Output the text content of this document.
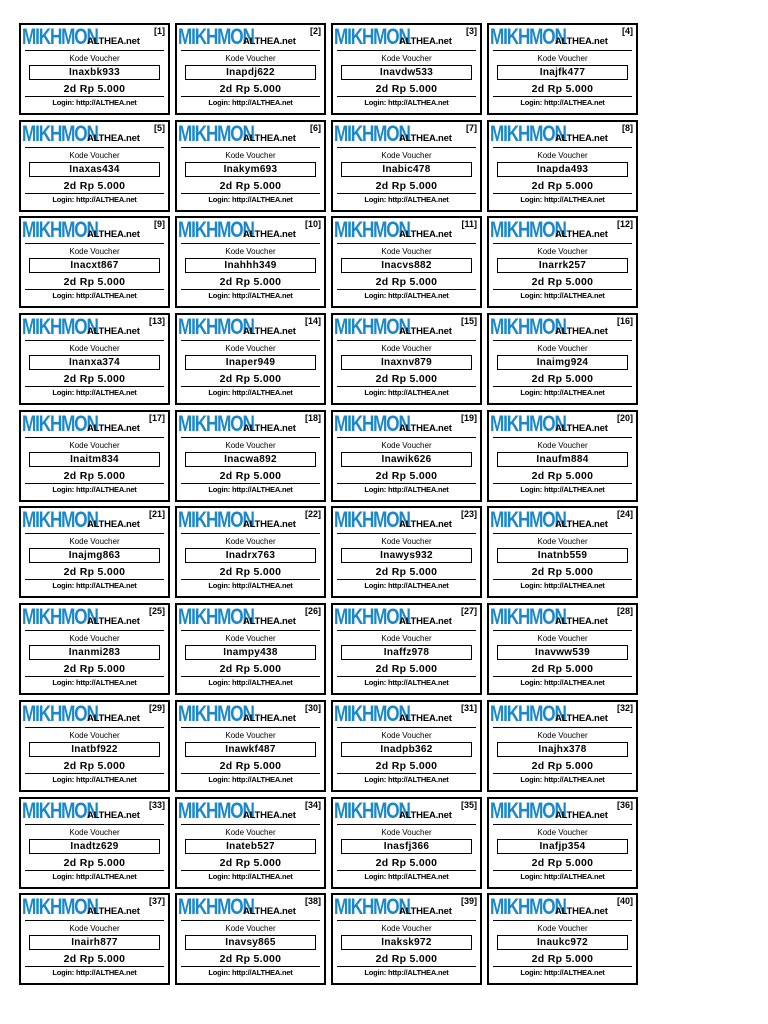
MIKHMON
ALTHEA.net
[1]
Kode Voucher
Inaxbk933
2d Rp 5.000
Login: http://ALTHEA.net
MIKHMON
ALTHEA.net
[2]
Kode Voucher
Inapdj622
2d Rp 5.000
Login: http://ALTHEA.net
MIKHMON
ALTHEA.net
[3]
Kode Voucher
Inavdw533
2d Rp 5.000
Login: http://ALTHEA.net
MIKHMON
ALTHEA.net
[4]
Kode Voucher
Inajfk477
2d Rp 5.000
Login: http://ALTHEA.net
MIKHMON
ALTHEA.net
[5]
Kode Voucher
Inaxas434
2d Rp 5.000
Login: http://ALTHEA.net
MIKHMON
ALTHEA.net
[6]
Kode Voucher
Inakym693
2d Rp 5.000
Login: http://ALTHEA.net
MIKHMON
ALTHEA.net
[7]
Kode Voucher
Inabic478
2d Rp 5.000
Login: http://ALTHEA.net
MIKHMON
ALTHEA.net
[8]
Kode Voucher
Inapda493
2d Rp 5.000
Login: http://ALTHEA.net
MIKHMON
ALTHEA.net
[9]
Kode Voucher
Inacxt867
2d Rp 5.000
Login: http://ALTHEA.net
MIKHMON
ALTHEA.net
[10]
Kode Voucher
Inahhh349
2d Rp 5.000
Login: http://ALTHEA.net
MIKHMON
ALTHEA.net
[11]
Kode Voucher
Inacvs882
2d Rp 5.000
Login: http://ALTHEA.net
MIKHMON
ALTHEA.net
[12]
Kode Voucher
Inarrk257
2d Rp 5.000
Login: http://ALTHEA.net
MIKHMON
ALTHEA.net
[13]
Kode Voucher
Inanxa374
2d Rp 5.000
Login: http://ALTHEA.net
MIKHMON
ALTHEA.net
[14]
Kode Voucher
Inaper949
2d Rp 5.000
Login: http://ALTHEA.net
MIKHMON
ALTHEA.net
[15]
Kode Voucher
Inaxnv879
2d Rp 5.000
Login: http://ALTHEA.net
MIKHMON
ALTHEA.net
[16]
Kode Voucher
Inaimg924
2d Rp 5.000
Login: http://ALTHEA.net
MIKHMON
ALTHEA.net
[17]
Kode Voucher
Inaitm834
2d Rp 5.000
Login: http://ALTHEA.net
MIKHMON
ALTHEA.net
[18]
Kode Voucher
Inacwa892
2d Rp 5.000
Login: http://ALTHEA.net
MIKHMON
ALTHEA.net
[19]
Kode Voucher
Inawik626
2d Rp 5.000
Login: http://ALTHEA.net
MIKHMON
ALTHEA.net
[20]
Kode Voucher
Inaufm884
2d Rp 5.000
Login: http://ALTHEA.net
MIKHMON
ALTHEA.net
[21]
Kode Voucher
Inajmg863
2d Rp 5.000
Login: http://ALTHEA.net
MIKHMON
ALTHEA.net
[22]
Kode Voucher
Inadrx763
2d Rp 5.000
Login: http://ALTHEA.net
MIKHMON
ALTHEA.net
[23]
Kode Voucher
Inawys932
2d Rp 5.000
Login: http://ALTHEA.net
MIKHMON
ALTHEA.net
[24]
Kode Voucher
Inatnb559
2d Rp 5.000
Login: http://ALTHEA.net
MIKHMON
ALTHEA.net
[25]
Kode Voucher
Inanmi283
2d Rp 5.000
Login: http://ALTHEA.net
MIKHMON
ALTHEA.net
[26]
Kode Voucher
Inampy438
2d Rp 5.000
Login: http://ALTHEA.net
MIKHMON
ALTHEA.net
[27]
Kode Voucher
Inaffz978
2d Rp 5.000
Login: http://ALTHEA.net
MIKHMON
ALTHEA.net
[28]
Kode Voucher
Inavww539
2d Rp 5.000
Login: http://ALTHEA.net
MIKHMON
ALTHEA.net
[29]
Kode Voucher
Inatbf922
2d Rp 5.000
Login: http://ALTHEA.net
MIKHMON
ALTHEA.net
[30]
Kode Voucher
Inawkf487
2d Rp 5.000
Login: http://ALTHEA.net
MIKHMON
ALTHEA.net
[31]
Kode Voucher
Inadpb362
2d Rp 5.000
Login: http://ALTHEA.net
MIKHMON
ALTHEA.net
[32]
Kode Voucher
Inajhx378
2d Rp 5.000
Login: http://ALTHEA.net
MIKHMON
ALTHEA.net
[33]
Kode Voucher
Inadtz629
2d Rp 5.000
Login: http://ALTHEA.net
MIKHMON
ALTHEA.net
[34]
Kode Voucher
Inateb527
2d Rp 5.000
Login: http://ALTHEA.net
MIKHMON
ALTHEA.net
[35]
Kode Voucher
Inasfj366
2d Rp 5.000
Login: http://ALTHEA.net
MIKHMON
ALTHEA.net
[36]
Kode Voucher
Inafjp354
2d Rp 5.000
Login: http://ALTHEA.net
MIKHMON
ALTHEA.net
[37]
Kode Voucher
Inairh877
2d Rp 5.000
Login: http://ALTHEA.net
MIKHMON
ALTHEA.net
[38]
Kode Voucher
Inavsy865
2d Rp 5.000
Login: http://ALTHEA.net
MIKHMON
ALTHEA.net
[39]
Kode Voucher
Inaksk972
2d Rp 5.000
Login: http://ALTHEA.net
MIKHMON
ALTHEA.net
[40]
Kode Voucher
Inaukc972
2d Rp 5.000
Login: http://ALTHEA.net
